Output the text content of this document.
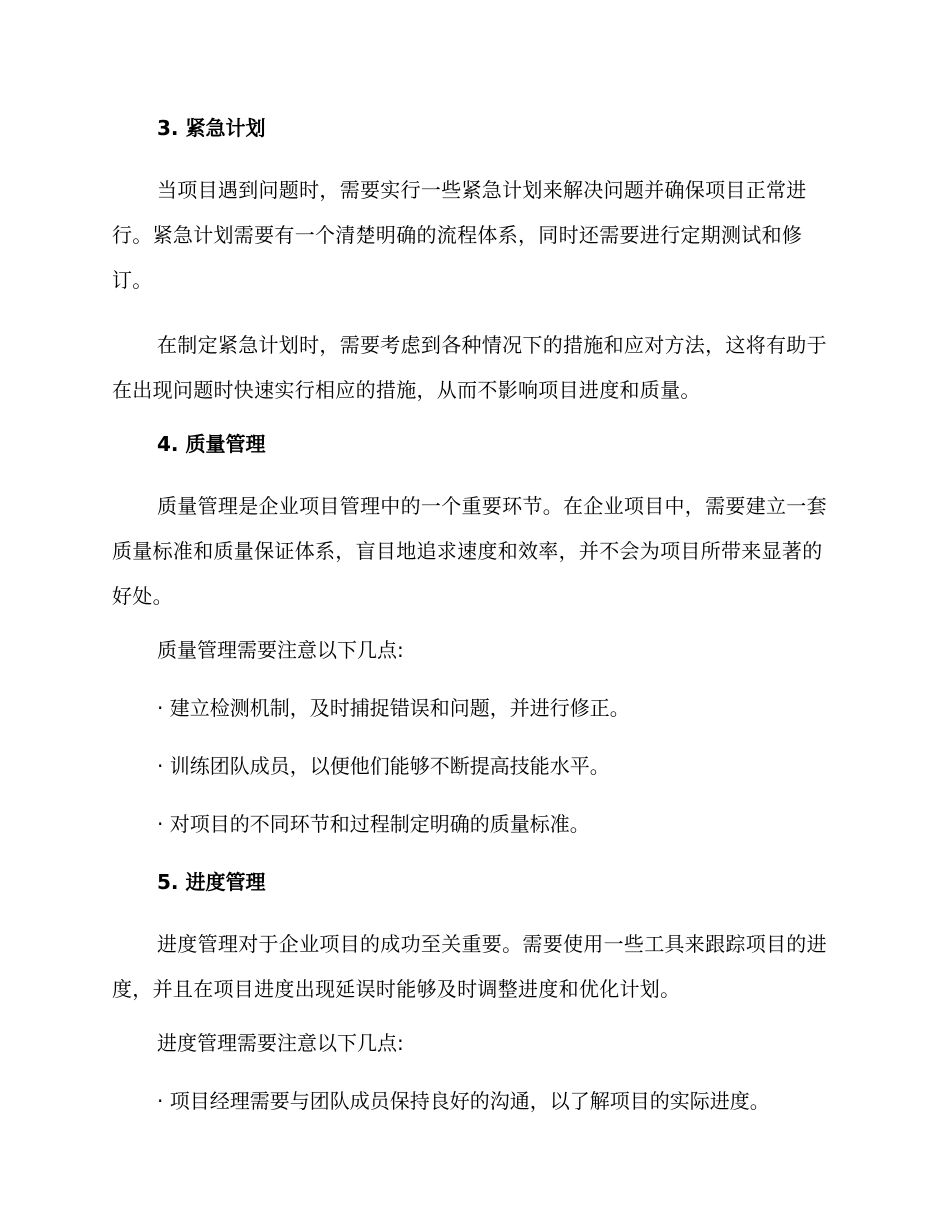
3. 紧急计划

当项目遇到问题时，需要实行一些紧急计划来解决问题并确保项目正常进行。紧急计划需要有一个清楚明确的流程体系，同时还需要进行定期测试和修订。

在制定紧急计划时，需要考虑到各种情况下的措施和应对方法，这将有助于在出现问题时快速实行相应的措施，从而不影响项目进度和质量。

4. 质量管理

质量管理是企业项目管理中的一个重要环节。在企业项目中，需要建立一套质量标准和质量保证体系，盲目地追求速度和效率，并不会为项目所带来显著的好处。

质量管理需要注意以下几点:
· 建立检测机制，及时捕捉错误和问题，并进行修正。
· 训练团队成员，以便他们能够不断提高技能水平。
· 对项目的不同环节和过程制定明确的质量标准。
5. 进度管理

进度管理对于企业项目的成功至关重要。需要使用一些工具来跟踪项目的进度，并且在项目进度出现延误时能够及时调整进度和优化计划。

进度管理需要注意以下几点:
· 项目经理需要与团队成员保持良好的沟通，以了解项目的实际进度。
